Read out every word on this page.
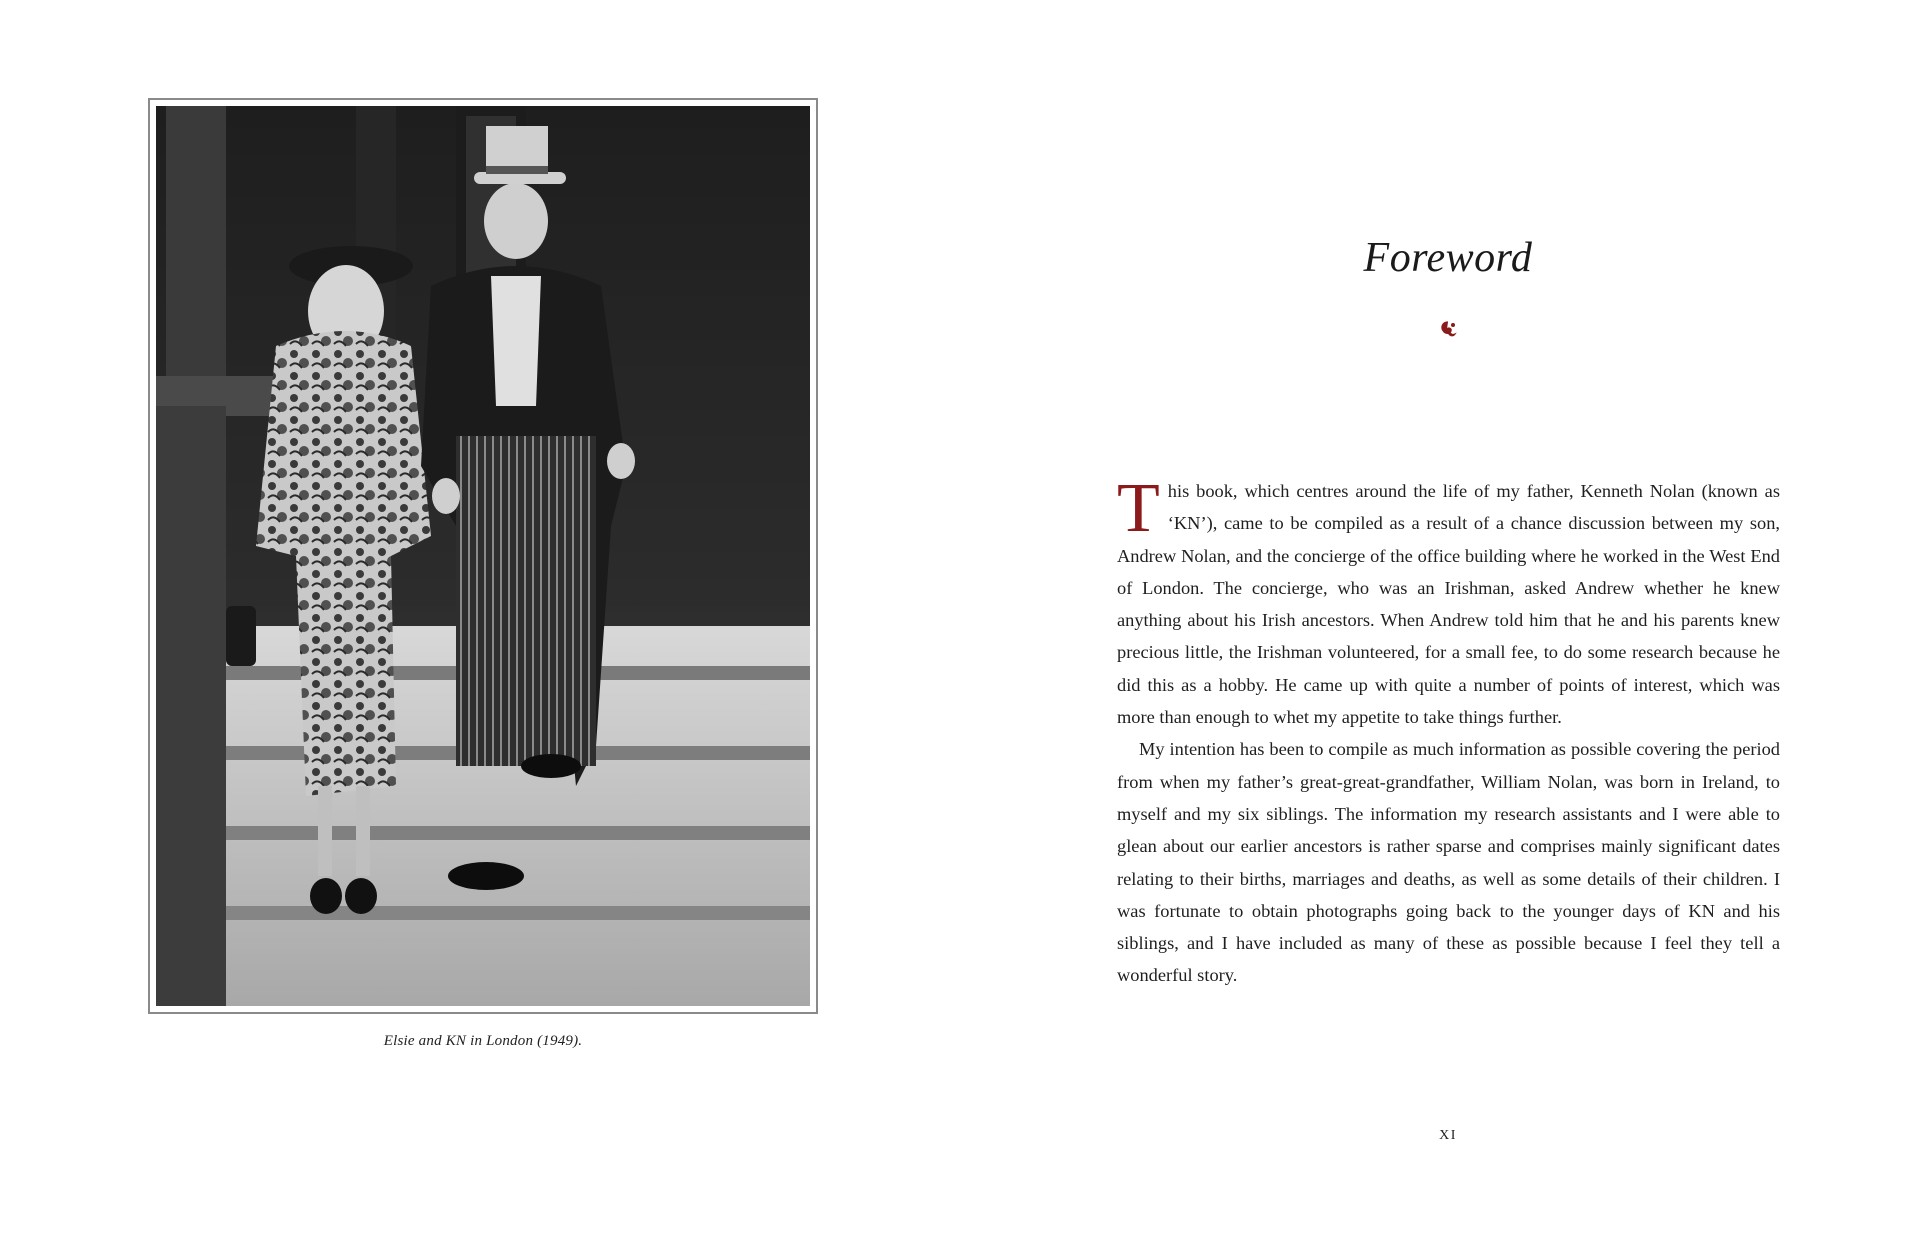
Elsie and KN in London (1949).
Foreword

This book, which centres around the life of my father, Kenneth Nolan (known as ‘KN’), came to be compiled as a result of a chance discussion between my son, Andrew Nolan, and the concierge of the office building where he worked in the West End of London. The concierge, who was an Irishman, asked Andrew whether he knew anything about his Irish ancestors. When Andrew told him that he and his parents knew precious little, the Irishman volunteered, for a small fee, to do some research because he did this as a hobby. He came up with quite a number of points of interest, which was more than enough to whet my appetite to take things further.

My intention has been to compile as much information as possible covering the period from when my father’s great-great-grandfather, William Nolan, was born in Ireland, to myself and my six siblings. The information my research assistants and I were able to glean about our earlier ancestors is rather sparse and comprises mainly significant dates relating to their births, marriages and deaths, as well as some details of their children. I was fortunate to obtain photographs going back to the younger days of KN and his siblings, and I have included as many of these as possible because I feel they tell a wonderful story.

XI
